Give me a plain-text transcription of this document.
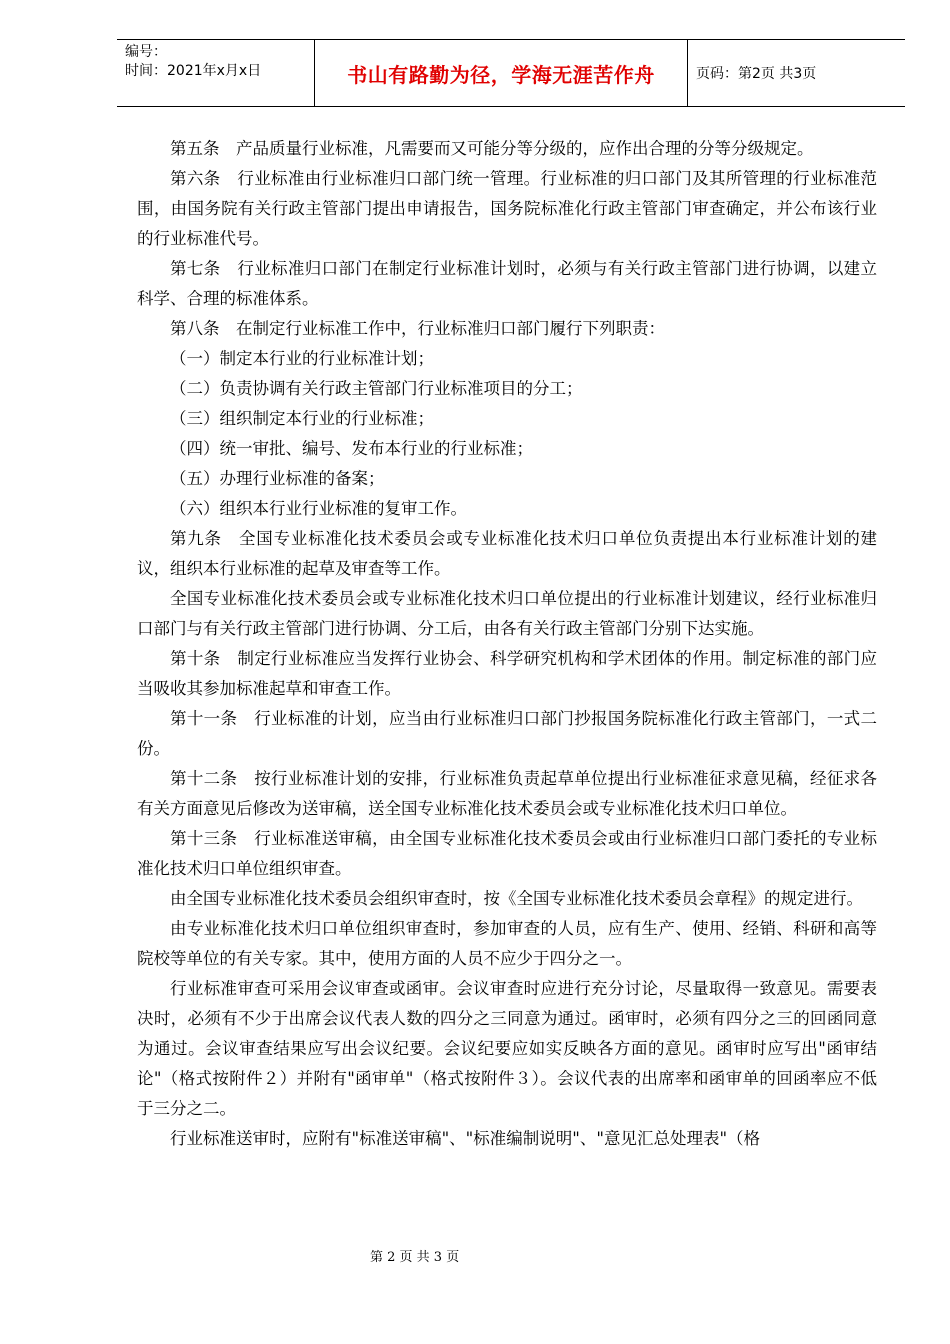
编号：
时间：2021年x月x日	书山有路勤为径，学海无涯苦作舟	页码：第2页 共3页

第五条　产品质量行业标准，凡需要而又可能分等分级的，应作出合理的分等分级规定。

第六条　行业标准由行业标准归口部门统一管理。行业标准的归口部门及其所管理的行业标准范围，由国务院有关行政主管部门提出申请报告，国务院标准化行政主管部门审查确定，并公布该行业的行业标准代号。

第七条　行业标准归口部门在制定行业标准计划时，必须与有关行政主管部门进行协调，以建立科学、合理的标准体系。

第八条　在制定行业标准工作中，行业标准归口部门履行下列职责：

（一）制定本行业的行业标准计划；

（二）负责协调有关行政主管部门行业标准项目的分工；

（三）组织制定本行业的行业标准；

（四）统一审批、编号、发布本行业的行业标准；

（五）办理行业标准的备案；

（六）组织本行业行业标准的复审工作。

第九条　全国专业标准化技术委员会或专业标准化技术归口单位负责提出本行业标准计划的建议，组织本行业标准的起草及审查等工作。

全国专业标准化技术委员会或专业标准化技术归口单位提出的行业标准计划建议，经行业标准归口部门与有关行政主管部门进行协调、分工后，由各有关行政主管部门分别下达实施。

第十条　制定行业标准应当发挥行业协会、科学研究机构和学术团体的作用。制定标准的部门应当吸收其参加标准起草和审查工作。

第十一条　行业标准的计划，应当由行业标准归口部门抄报国务院标准化行政主管部门，一式二份。

第十二条　按行业标准计划的安排，行业标准负责起草单位提出行业标准征求意见稿，经征求各有关方面意见后修改为送审稿，送全国专业标准化技术委员会或专业标准化技术归口单位。

第十三条　行业标准送审稿，由全国专业标准化技术委员会或由行业标准归口部门委托的专业标准化技术归口单位组织审查。

由全国专业标准化技术委员会组织审查时，按《全国专业标准化技术委员会章程》的规定进行。

由专业标准化技术归口单位组织审查时，参加审查的人员，应有生产、使用、经销、科研和高等院校等单位的有关专家。其中，使用方面的人员不应少于四分之一。

行业标准审查可采用会议审查或函审。会议审查时应进行充分讨论，尽量取得一致意见。需要表决时，必须有不少于出席会议代表人数的四分之三同意为通过。函审时，必须有四分之三的回函同意为通过。会议审查结果应写出会议纪要。会议纪要应如实反映各方面的意见。函审时应写出"函审结论"（格式按附件２）并附有"函审单"（格式按附件３）。会议代表的出席率和函审单的回函率应不低于三分之二。

行业标准送审时，应附有"标准送审稿"、"标准编制说明"、"意见汇总处理表"（格

第 2 页 共 3 页
